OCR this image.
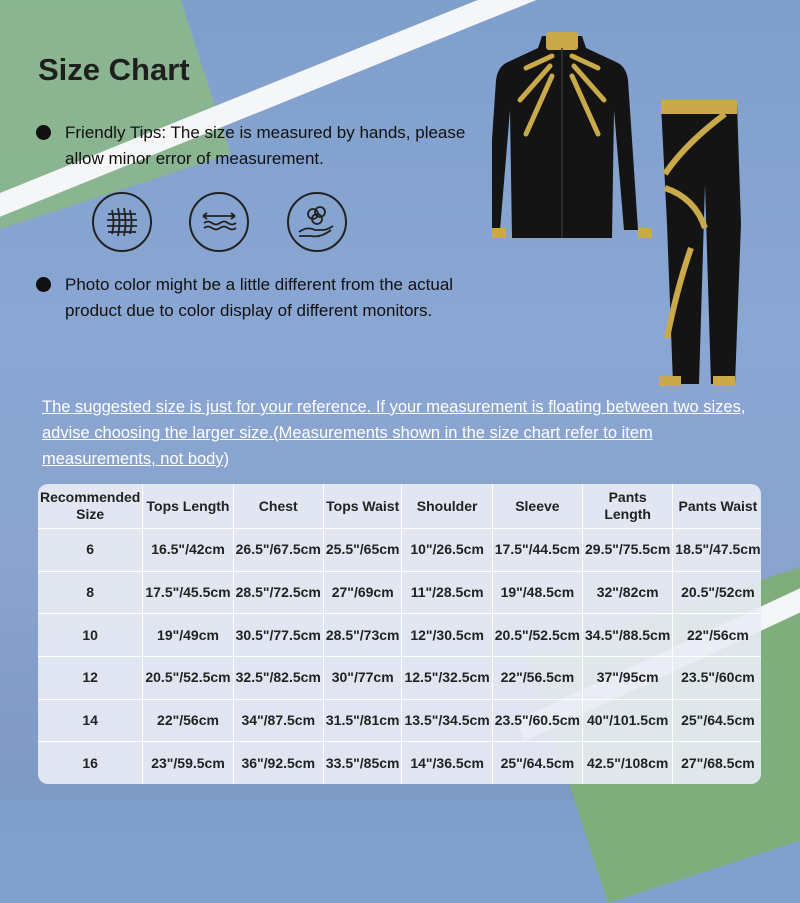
Size Chart
Friendly Tips: The size is measured by hands, please allow minor error of measurement.
Photo color might be a little different from the actual product due to color display of different monitors.
The suggested size is just for your reference. If your measurement is floating between two sizes, advise choosing the larger size.(Measurements shown in the size chart refer to item measurements, not body)
Recommended Size	Tops Length	Chest	Tops Waist	Shoulder	Sleeve	Pants Length	Pants Waist
6	16.5"/42cm	26.5"/67.5cm	25.5"/65cm	10"/26.5cm	17.5"/44.5cm	29.5"/75.5cm	18.5"/47.5cm
8	17.5"/45.5cm	28.5"/72.5cm	27"/69cm	11"/28.5cm	19"/48.5cm	32"/82cm	20.5"/52cm
10	19"/49cm	30.5"/77.5cm	28.5"/73cm	12"/30.5cm	20.5"/52.5cm	34.5"/88.5cm	22"/56cm
12	20.5"/52.5cm	32.5"/82.5cm	30"/77cm	12.5"/32.5cm	22"/56.5cm	37"/95cm	23.5"/60cm
14	22"/56cm	34"/87.5cm	31.5"/81cm	13.5"/34.5cm	23.5"/60.5cm	40"/101.5cm	25"/64.5cm
16	23"/59.5cm	36"/92.5cm	33.5"/85cm	14"/36.5cm	25"/64.5cm	42.5"/108cm	27"/68.5cm
